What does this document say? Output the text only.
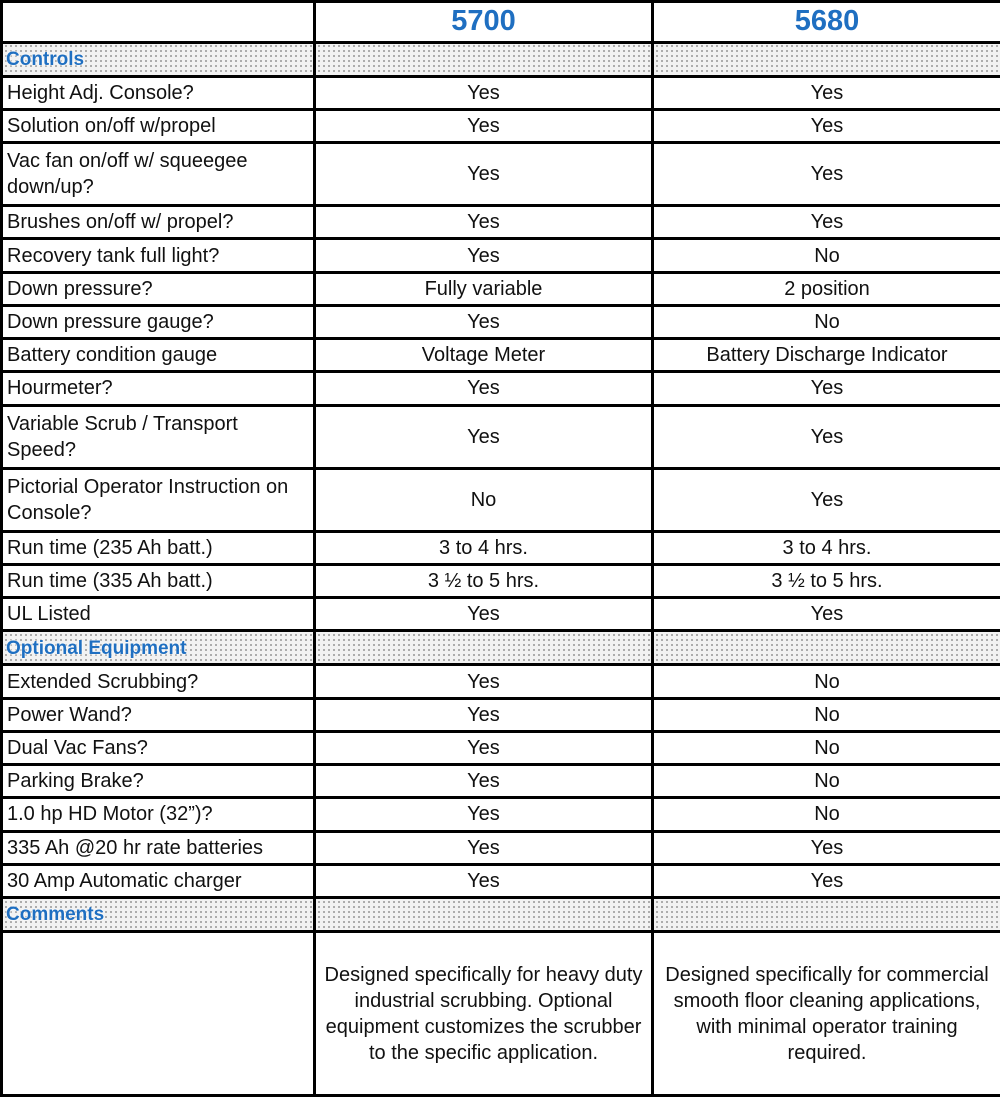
	5700	5680
Controls		
Height Adj. Console?	Yes	Yes
Solution on/off w/propel	Yes	Yes
Vac fan on/off w/ squeegee down/up?	Yes	Yes
Brushes on/off w/ propel?	Yes	Yes
Recovery tank full light?	Yes	No
Down pressure?	Fully variable	2 position
Down pressure gauge?	Yes	No
Battery condition gauge	Voltage Meter	Battery Discharge Indicator
Hourmeter?	Yes	Yes
Variable Scrub / Transport Speed?	Yes	Yes
Pictorial Operator Instruction on Console?	No	Yes
Run time (235 Ah batt.)	3 to 4 hrs.	3 to 4 hrs.
Run time (335 Ah batt.)	3 ½ to 5 hrs.	3 ½ to 5 hrs.
UL Listed	Yes	Yes
Optional Equipment		
Extended Scrubbing?	Yes	No
Power Wand?	Yes	No
Dual Vac Fans?	Yes	No
Parking Brake?	Yes	No
1.0 hp HD Motor (32”)?	Yes	No
335 Ah @20 hr rate batteries	Yes	Yes
30 Amp Automatic charger	Yes	Yes
Comments		
	Designed specifically for heavy duty industrial scrubbing. Optional equipment customizes the scrubber to the specific application.	Designed specifically for commercial smooth floor cleaning applications, with minimal operator training required.
